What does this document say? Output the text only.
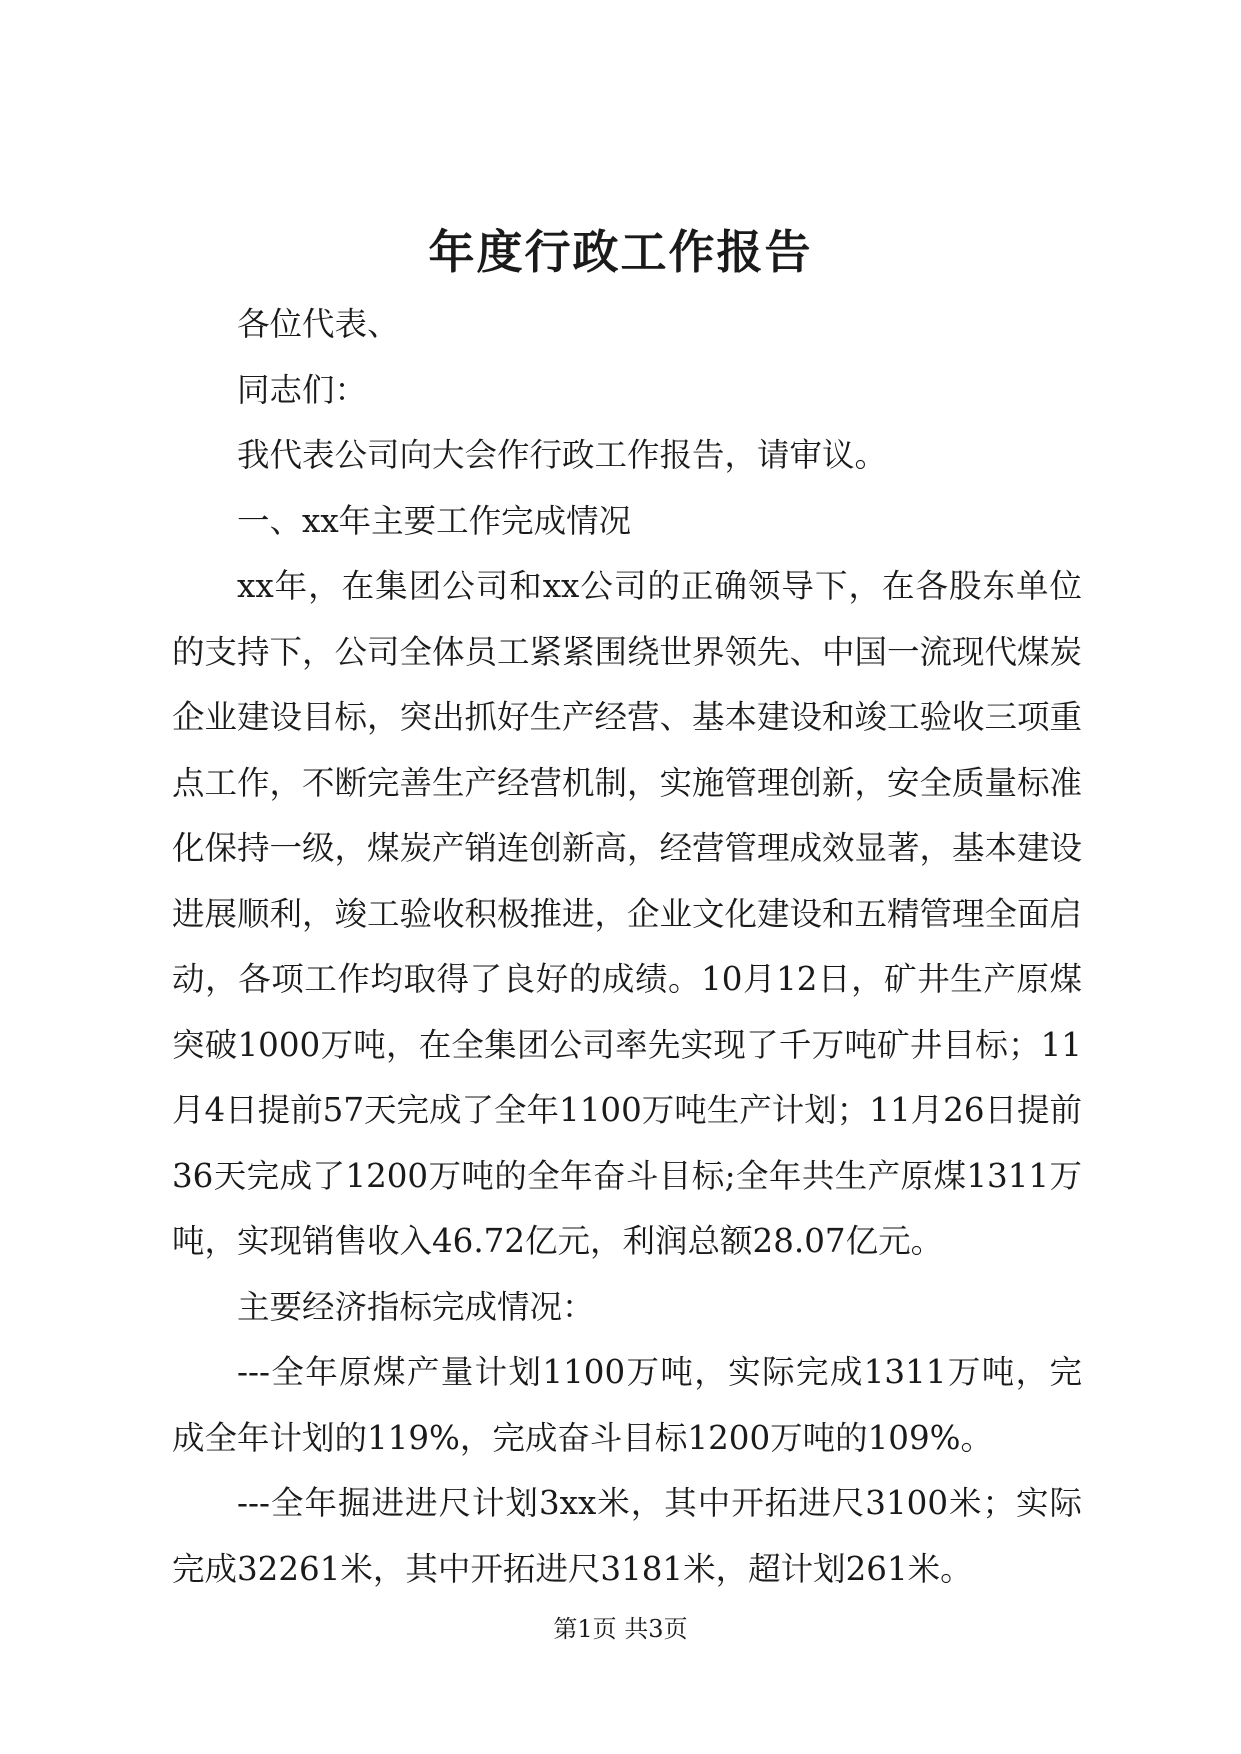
年度行政工作报告

各位代表、

同志们：

我代表公司向大会作行政工作报告，请审议。

一、xx年主要工作完成情况

xx年，在集团公司和xx公司的正确领导下，在各股东单位的支持下，公司全体员工紧紧围绕世界领先、中国一流现代煤炭企业建设目标，突出抓好生产经营、基本建设和竣工验收三项重点工作，不断完善生产经营机制，实施管理创新，安全质量标准化保持一级，煤炭产销连创新高，经营管理成效显著，基本建设进展顺利，竣工验收积极推进，企业文化建设和五精管理全面启动，各项工作均取得了良好的成绩。10月12日，矿井生产原煤突破1000万吨，在全集团公司率先实现了千万吨矿井目标；11月4日提前57天完成了全年1100万吨生产计划；11月26日提前36天完成了1200万吨的全年奋斗目标;全年共生产原煤1311万吨，实现销售收入46.72亿元，利润总额28.07亿元。

主要经济指标完成情况：

---全年原煤产量计划1100万吨，实际完成1311万吨，完成全年计划的119%，完成奋斗目标1200万吨的109%。

---全年掘进进尺计划3xx米，其中开拓进尺3100米；实际完成32261米，其中开拓进尺3181米，超计划261米。

第1页 共3页
